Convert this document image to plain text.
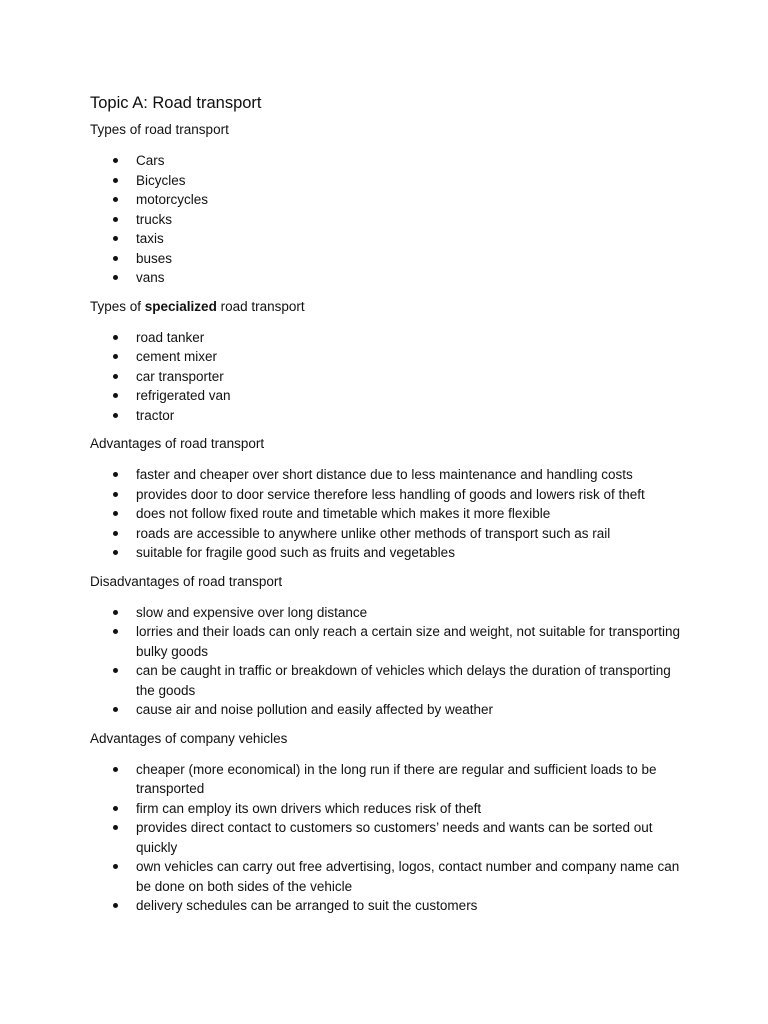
Topic A: Road transport
Types of road transport
Cars
Bicycles
motorcycles
trucks
taxis
buses
vans
Types of specialized road transport
road tanker
cement mixer
car transporter
refrigerated van
tractor
Advantages of road transport
faster and cheaper over short distance due to less maintenance and handling costs
provides door to door service therefore less handling of goods and lowers risk of theft
does not follow fixed route and timetable which makes it more flexible
roads are accessible to anywhere unlike other methods of transport such as rail
suitable for fragile good such as fruits and vegetables
Disadvantages of road transport
slow and expensive over long distance
lorries and their loads can only reach a certain size and weight, not suitable for transporting bulky goods
can be caught in traffic or breakdown of vehicles which delays the duration of transporting the goods
cause air and noise pollution and easily affected by weather
Advantages of company vehicles
cheaper (more economical) in the long run if there are regular and sufficient loads to be transported
firm can employ its own drivers which reduces risk of theft
provides direct contact to customers so customers’ needs and wants can be sorted out quickly
own vehicles can carry out free advertising, logos, contact number and company name can be done on both sides of the vehicle
delivery schedules can be arranged to suit the customers
